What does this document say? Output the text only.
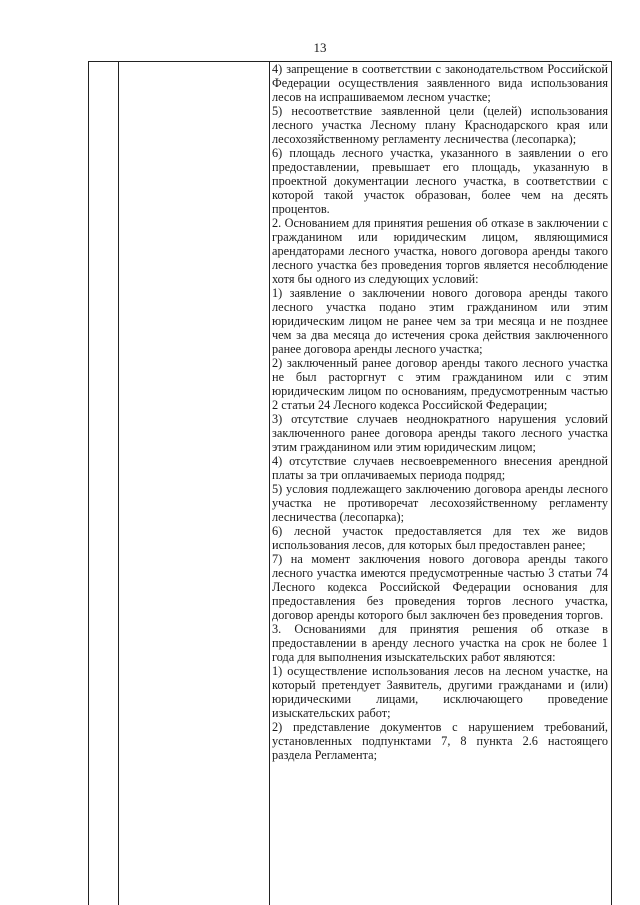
13

4) запрещение в соответствии с законодательством Российской Федерации осуществления заявленного вида использования лесов на испрашиваемом лесном участке;

5) несоответствие заявленной цели (целей) использования лесного участка Лесному плану Краснодарского края или лесохозяйственному регламенту лесничества (лесопарка);

6) площадь лесного участка, указанного в заявлении о его предоставлении, превышает его площадь, указанную в проектной документации лесного участка, в соответствии с которой такой участок образован, более чем на десять процентов.

2. Основанием для принятия решения об отказе в заключении с гражданином или юридическим лицом, являющимися арендаторами лесного участка, нового договора аренды такого лесного участка без проведения торгов является несоблюдение хотя бы одного из следующих условий:

1) заявление о заключении нового договора аренды такого лесного участка подано этим гражданином или этим юридическим лицом не ранее чем за три месяца и не позднее чем за два месяца до истечения срока действия заключенного ранее договора аренды лесного участка;

2) заключенный ранее договор аренды такого лесного участка не был расторгнут с этим гражданином или с этим юридическим лицом по основаниям, предусмотренным частью 2 статьи 24 Лесного кодекса Российской Федерации;

3) отсутствие случаев неоднократного нарушения условий заключенного ранее договора аренды такого лесного участка этим гражданином или этим юридическим лицом;

4) отсутствие случаев несвоевременного внесения арендной платы за три оплачиваемых периода подряд;

5) условия подлежащего заключению договора аренды лесного участка не противоречат лесохозяйственному регламенту лесничества (лесопарка);

6) лесной участок предоставляется для тех же видов использования лесов, для которых был предоставлен ранее;

7) на момент заключения нового договора аренды такого лесного участка имеются предусмотренные частью 3 статьи 74 Лесного кодекса Российской Федерации основания для предоставления без проведения торгов лесного участка, договор аренды которого был заключен без проведения торгов.

3. Основаниями для принятия решения об отказе в предоставлении в аренду лесного участка на срок не более 1 года для выполнения изыскательских работ являются:

1) осуществление использования лесов на лесном участке, на который претендует Заявитель, другими гражданами и (или) юридическими лицами, исключающего проведение изыскательских работ;

2) представление документов с нарушением требований, установленных подпунктами 7, 8 пункта 2.6 настоящего раздела Регламента;
